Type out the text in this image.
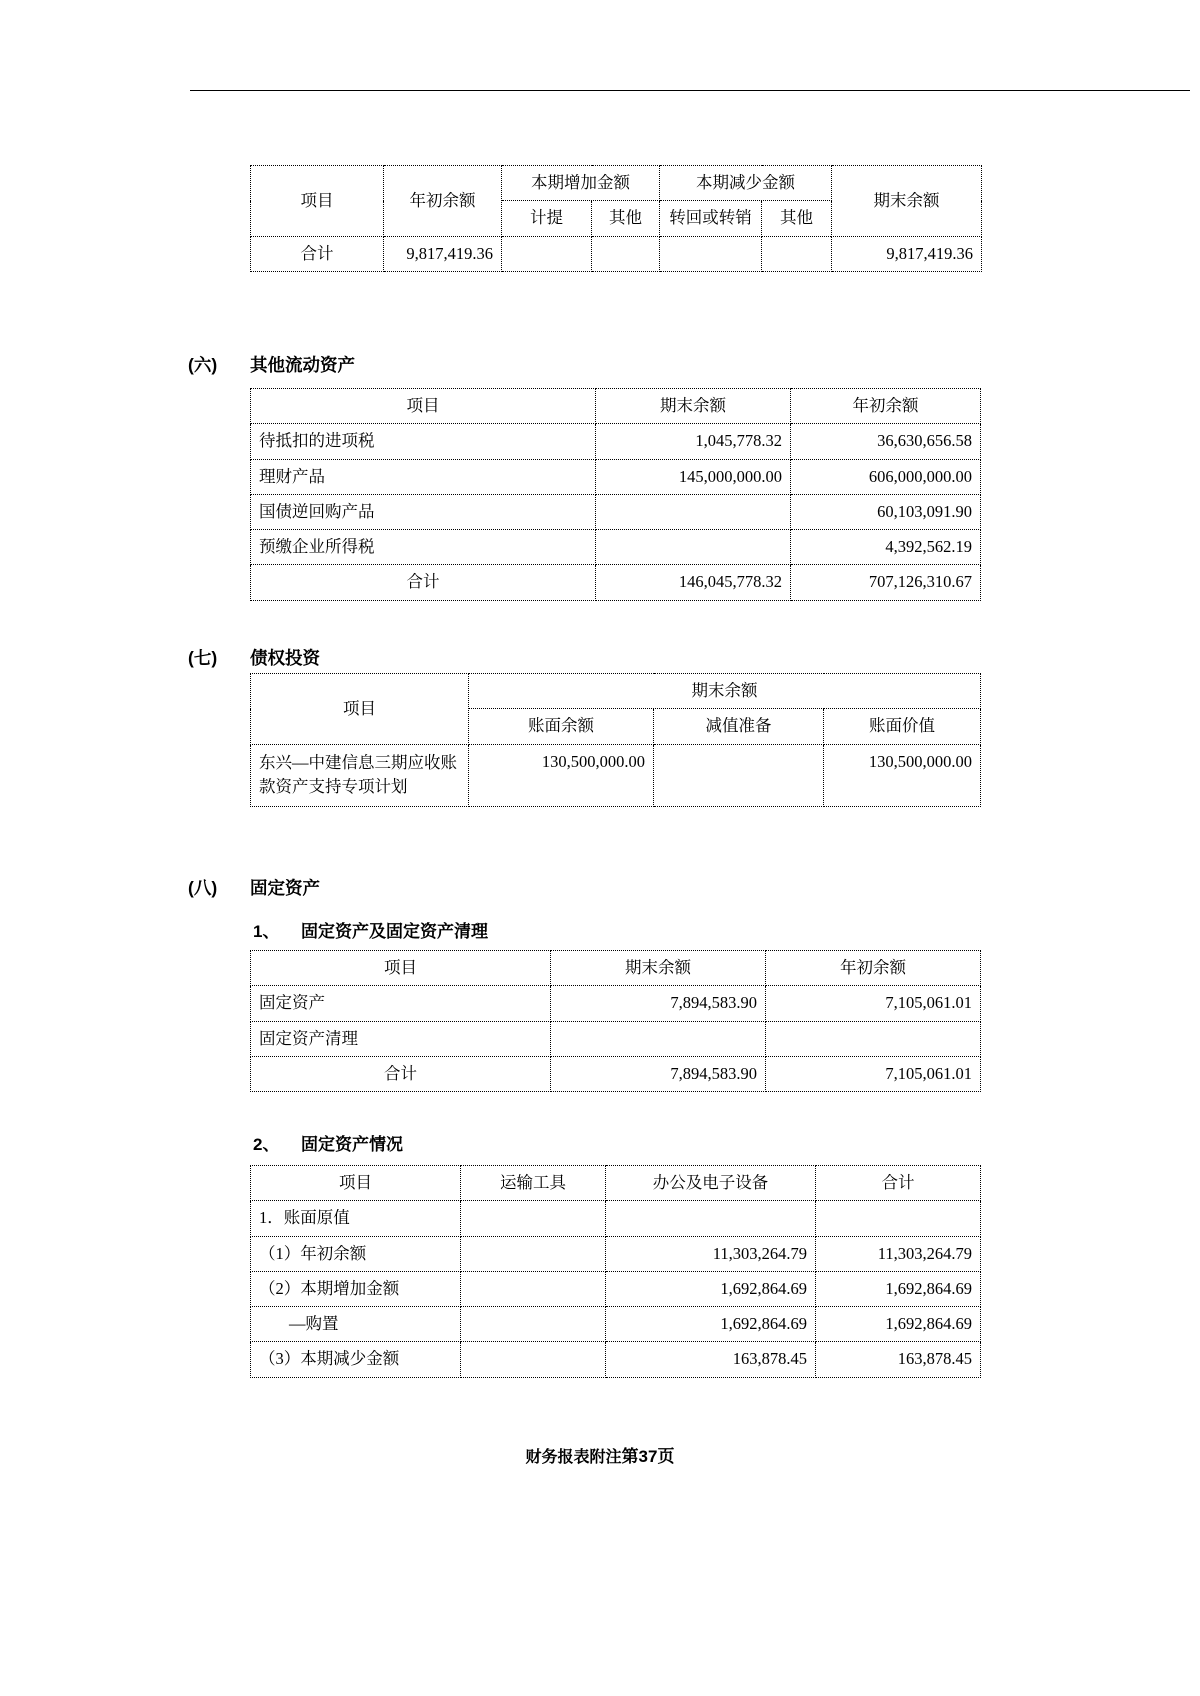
项目	年初余额	本期增加金额		本期减少金额		期末余额
		计提	其他	转回或转销	其他	
合计	9,817,419.36					9,817,419.36
(六)	其他流动资产
项目	期末余额	年初余额
待抵扣的进项税	1,045,778.32	36,630,656.58
理财产品	145,000,000.00	606,000,000.00
国债逆回购产品		60,103,091.90
预缴企业所得税		4,392,562.19
合计	146,045,778.32	707,126,310.67
(七)	债权投资
项目	期末余额		
	账面余额	减值准备	账面价值
东兴—中建信息三期应收账款资产支持专项计划	130,500,000.00		130,500,000.00
(八)	固定资产
1、	固定资产及固定资产清理
项目	期末余额	年初余额
固定资产	7,894,583.90	7,105,061.01
固定资产清理		
合计	7,894,583.90	7,105,061.01
2、	固定资产情况
项目	运输工具	办公及电子设备	合计
1．账面原值			
（1）年初余额		11,303,264.79	11,303,264.79
（2）本期增加金额		1,692,864.69	1,692,864.69
—购置		1,692,864.69	1,692,864.69
（3）本期减少金额		163,878.45	163,878.45
财务报表附注第37页
